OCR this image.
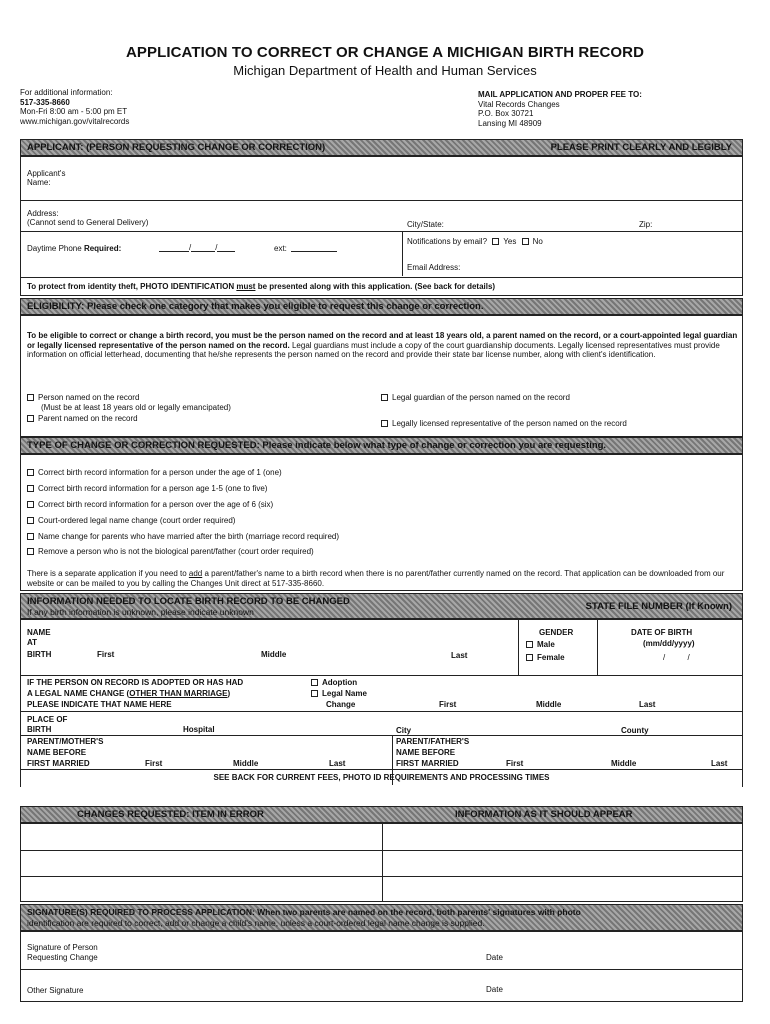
APPLICATION TO CORRECT OR CHANGE A MICHIGAN BIRTH RECORD
Michigan Department of Health and Human Services
For additional information:
517-335-8660
Mon-Fri 8:00 am - 5:00 pm ET
www.michigan.gov/vitalrecords
MAIL APPLICATION AND PROPER FEE TO:
Vital Records Changes
P.O. Box 30721
Lansing MI 48909
APPLICANT: (PERSON REQUESTING CHANGE OR CORRECTION)	PLEASE PRINT CLEARLY AND LEGIBLY
Applicant's
Name:
Address:
(Cannot send to General Delivery)	City/State:	Zip:
Daytime Phone Required:	/	/	ext:
Notifications by email? Yes No
Email Address:
To protect from identity theft, PHOTO IDENTIFICATION must be presented along with this application. (See back for details)
ELIGIBILITY: Please check one category that makes you eligible to request this change or correction.
To be eligible to correct or change a birth record, you must be the person named on the record and at least 18 years old, a parent named on the record, or a court-appointed legal guardian or legally licensed representative of the person named on the record. Legal guardians must include a copy of the court guardianship documents. Legally licensed representatives must provide information on official letterhead, documenting that he/she represents the person named on the record and provide their state bar license number, along with client's identification.
Person named on the record
(Must be at least 18 years old or legally emancipated)
Parent named on the record
Legal guardian of the person named on the record
Legally licensed representative of the person named on the record
TYPE OF CHANGE OR CORRECTION REQUESTED: Please indicate below what type of change or correction you are requesting.
Correct birth record information for a person under the age of 1 (one)
Correct birth record information for a person age 1-5 (one to five)
Correct birth record information for a person over the age of 6 (six)
Court-ordered legal name change (court order required)
Name change for parents who have married after the birth (marriage record required)
Remove a person who is not the biological parent/father (court order required)
There is a separate application if you need to add a parent/father's name to a birth record when there is no parent/father currently named on the record. That application can be downloaded from our website or can be mailed to you by calling the Changes Unit direct at 517-335-8660.
INFORMATION NEEDED TO LOCATE BIRTH RECORD TO BE CHANGED
If any birth information is unknown, please indicate unknown	STATE FILE NUMBER (If Known)
NAME
AT
BIRTH	First	Middle	Last
GENDER
Male
Female
DATE OF BIRTH
(mm/dd/yyyy)
/          /
IF THE PERSON ON RECORD IS ADOPTED OR HAS HAD
A LEGAL NAME CHANGE (OTHER THAN MARRIAGE)
PLEASE INDICATE THAT NAME HERE
Adoption
Legal Name
Change	First	Middle	Last
PLACE OF
BIRTH	Hospital	City	County
PARENT/MOTHER'S
NAME BEFORE
FIRST MARRIED	First	Middle	Last
PARENT/FATHER'S
NAME BEFORE
FIRST MARRIED	First	Middle	Last
SEE BACK FOR CURRENT FEES, PHOTO ID REQUIREMENTS AND PROCESSING TIMES
CHANGES REQUESTED: ITEM IN ERROR	INFORMATION AS IT SHOULD APPEAR
SIGNATURE(S) REQUIRED TO PROCESS APPLICATION: When two parents are named on the record, both parents' signatures with photo
identification are required to correct, add or change a child's name, unless a court-ordered legal name change is supplied.
Signature of Person
Requesting Change	Date
Other Signature	Date
